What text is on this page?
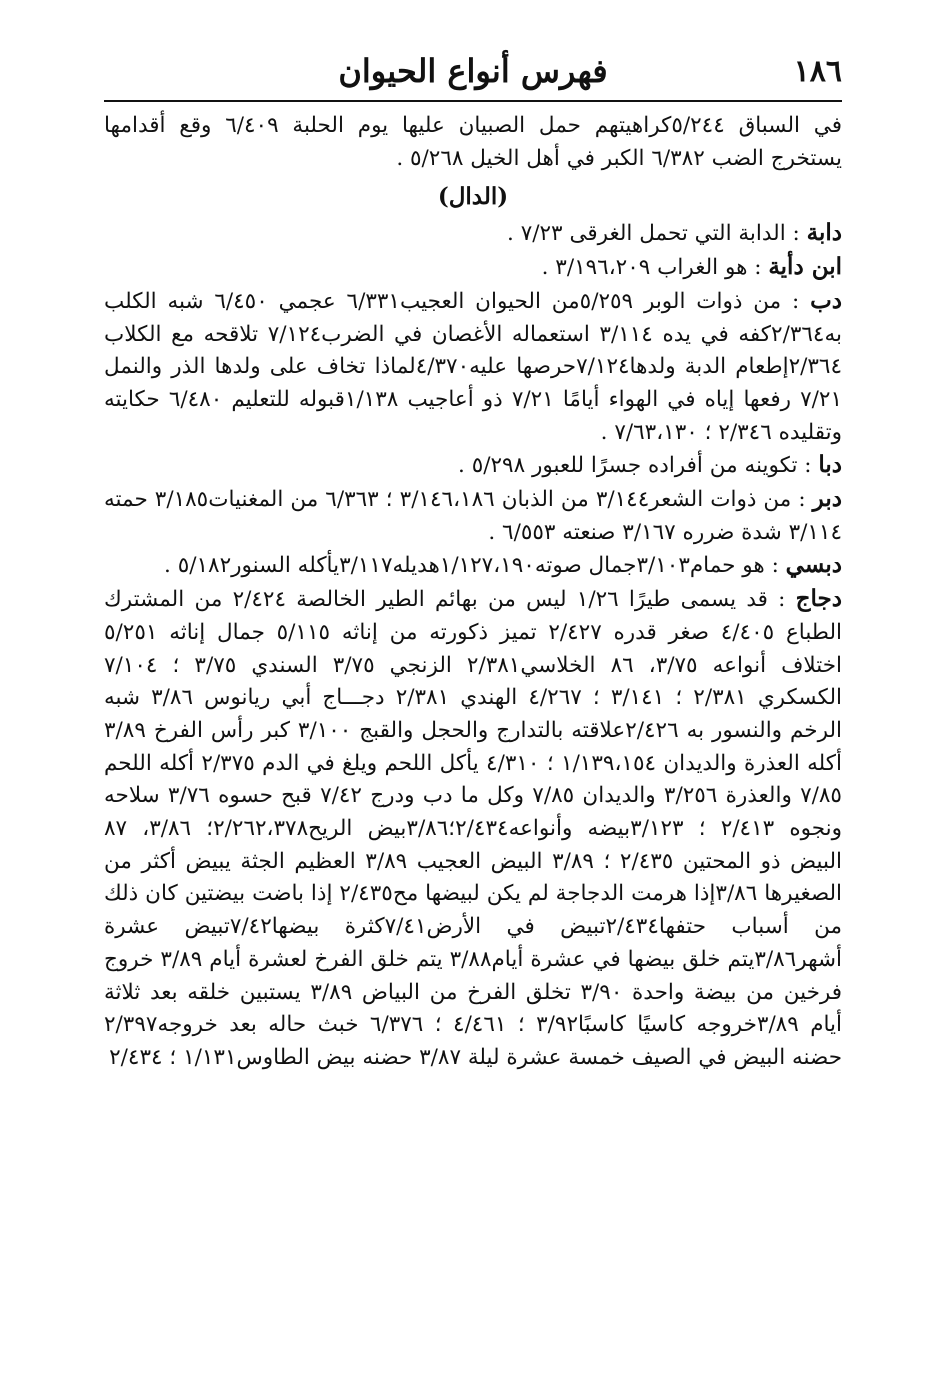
١٨٦
فهرس أنواع الحيوان

في السباق ٥/٢٤٤كراهيتهم حمل الصبيان عليها يوم الحلبة ٦/٤٠٩ وقع أقدامها يستخرج الضب ٦/٣٨٢ الكبر في أهل الخيل ٥/٢٦٨ .

(الدال)

دابة : الدابة التي تحمل الغرقى ٧/٢٣ .

ابن دأية : هو الغراب ٣/١٩٦،٢٠٩ .

دب : من ذوات الوبر ٥/٢٥٩من الحيوان العجيب٦/٣٣١ عجمي ٦/٤٥٠ شبه الكلب به٢/٣٦٤كفه في يده ٣/١١٤ استعماله الأغصان في الضرب٧/١٢٤ تلاقحه مع الكلاب ٢/٣٦٤إطعام الدبة ولدها٧/١٢٤حرصها عليه٤/٣٧٠لماذا تخاف على ولدها الذر والنمل ٧/٢١ رفعها إياه في الهواء أيامًا ٧/٢١ ذو أعاجيب ١/١٣٨قبوله للتعليم ٦/٤٨٠ حكايته وتقليده ٢/٣٤٦ ؛ ٧/٦٣،١٣٠ .

دبا : تكوينه من أفراده جسرًا للعبور ٥/٢٩٨ .

دبر : من ذوات الشعر٣/١٤٤ من الذبان ٣/١٤٦،١٨٦ ؛ ٦/٣٦٣ من المغنيات٣/١٨٥ حمته ٣/١١٤ شدة ضرره ٣/١٦٧ صنعته ٦/٥٥٣ .

دبسي : هو حمام٣/١٠٣جمال صوته١/١٢٧،١٩٠هديله٣/١١٧يأكله السنور٥/١٨٢ .

دجاج : قد يسمى طيرًا ١/٢٦ ليس من بهائم الطير الخالصة ٢/٤٢٤ من المشترك الطباع ٤/٤٠٥ صغر قدره ٢/٤٢٧ تميز ذكورته من إناثه ٥/١١٥ جمال إناثه ٥/٢٥١ اختلاف أنواعه ٣/٧٥، ٨٦ الخلاسي٢/٣٨١ الزنجي ٣/٧٥ السندي ٣/٧٥ ؛ ٧/١٠٤ الكسكري ٢/٣٨١ ؛ ٣/١٤١ ؛ ٤/٢٦٧ الهندي ٢/٣٨١ دجـــاج أبي ريانوس ٣/٨٦ شبه الرخم والنسور به ٢/٤٢٦علاقته بالتدارج والحجل والقبج ٣/١٠٠ كبر رأس الفرخ ٣/٨٩ أكله العذرة والديدان ١/١٣٩،١٥٤ ؛ ٤/٣١٠ يأكل اللحم ويلغ في الدم ٢/٣٧٥ أكله اللحم ٧/٨٥ والعذرة ٣/٢٥٦ والديدان ٧/٨٥ وكل ما دب ودرج ٧/٤٢ قبح حسوه ٣/٧٦ سلاحه ونجوه ٢/٤١٣ ؛ ٣/١٢٣بيضه وأنواعه٢/٤٣٤؛٣/٨٦بيض الريح٢/٢٦٢،٣٧٨؛ ٣/٨٦، ٨٧ البيض ذو المحتين ٢/٤٣٥ ؛ ٣/٨٩ البيض العجيب ٣/٨٩ العظيم الجثة يبيض أكثر من الصغيرها ٣/٨٦إذا هرمت الدجاجة لم يكن لبيضها مح٢/٤٣٥ إذا باضت بيضتين كان ذلك من أسباب حتفها٢/٤٣٤تبيض في الأرض٧/٤١كثرة بيضها٧/٤٢تبيض عشرة أشهر٣/٨٦يتم خلق بيضها في عشرة أيام٣/٨٨ يتم خلق الفرخ لعشرة أيام ٣/٨٩ خروج فرخين من بيضة واحدة ٣/٩٠ تخلق الفرخ من البياض ٣/٨٩ يستبين خلقه بعد ثلاثة أيام ٣/٨٩خروجه كاسيًا كاسبًا٣/٩٢ ؛ ٤/٤٦١ ؛ ٦/٣٧٦ خبث حاله بعد خروجه٢/٣٩٧ حضنه البيض في الصيف خمسة عشرة ليلة ٣/٨٧ حضنه بيض الطاوس١/١٣١ ؛ ٢/٤٣٤
